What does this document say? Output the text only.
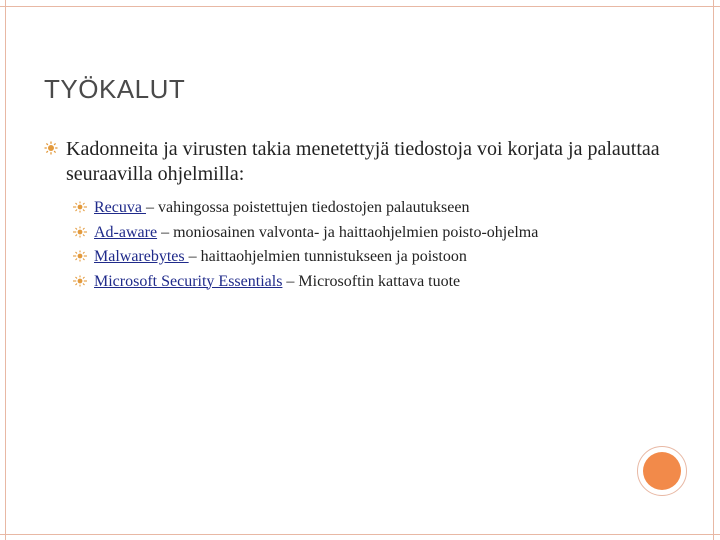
TYÖKALUT
Kadonneita ja virusten takia menetettyjä tiedostoja voi korjata ja palauttaa seuraavilla ohjelmilla:
Recuva – vahingossa poistettujen tiedostojen palautukseen
Ad-aware – moniosainen valvonta- ja haittaohjelmien poisto-ohjelma
Malwarebytes – haittaohjelmien tunnistukseen ja poistoon
Microsoft Security Essentials – Microsoftin kattava tuote
